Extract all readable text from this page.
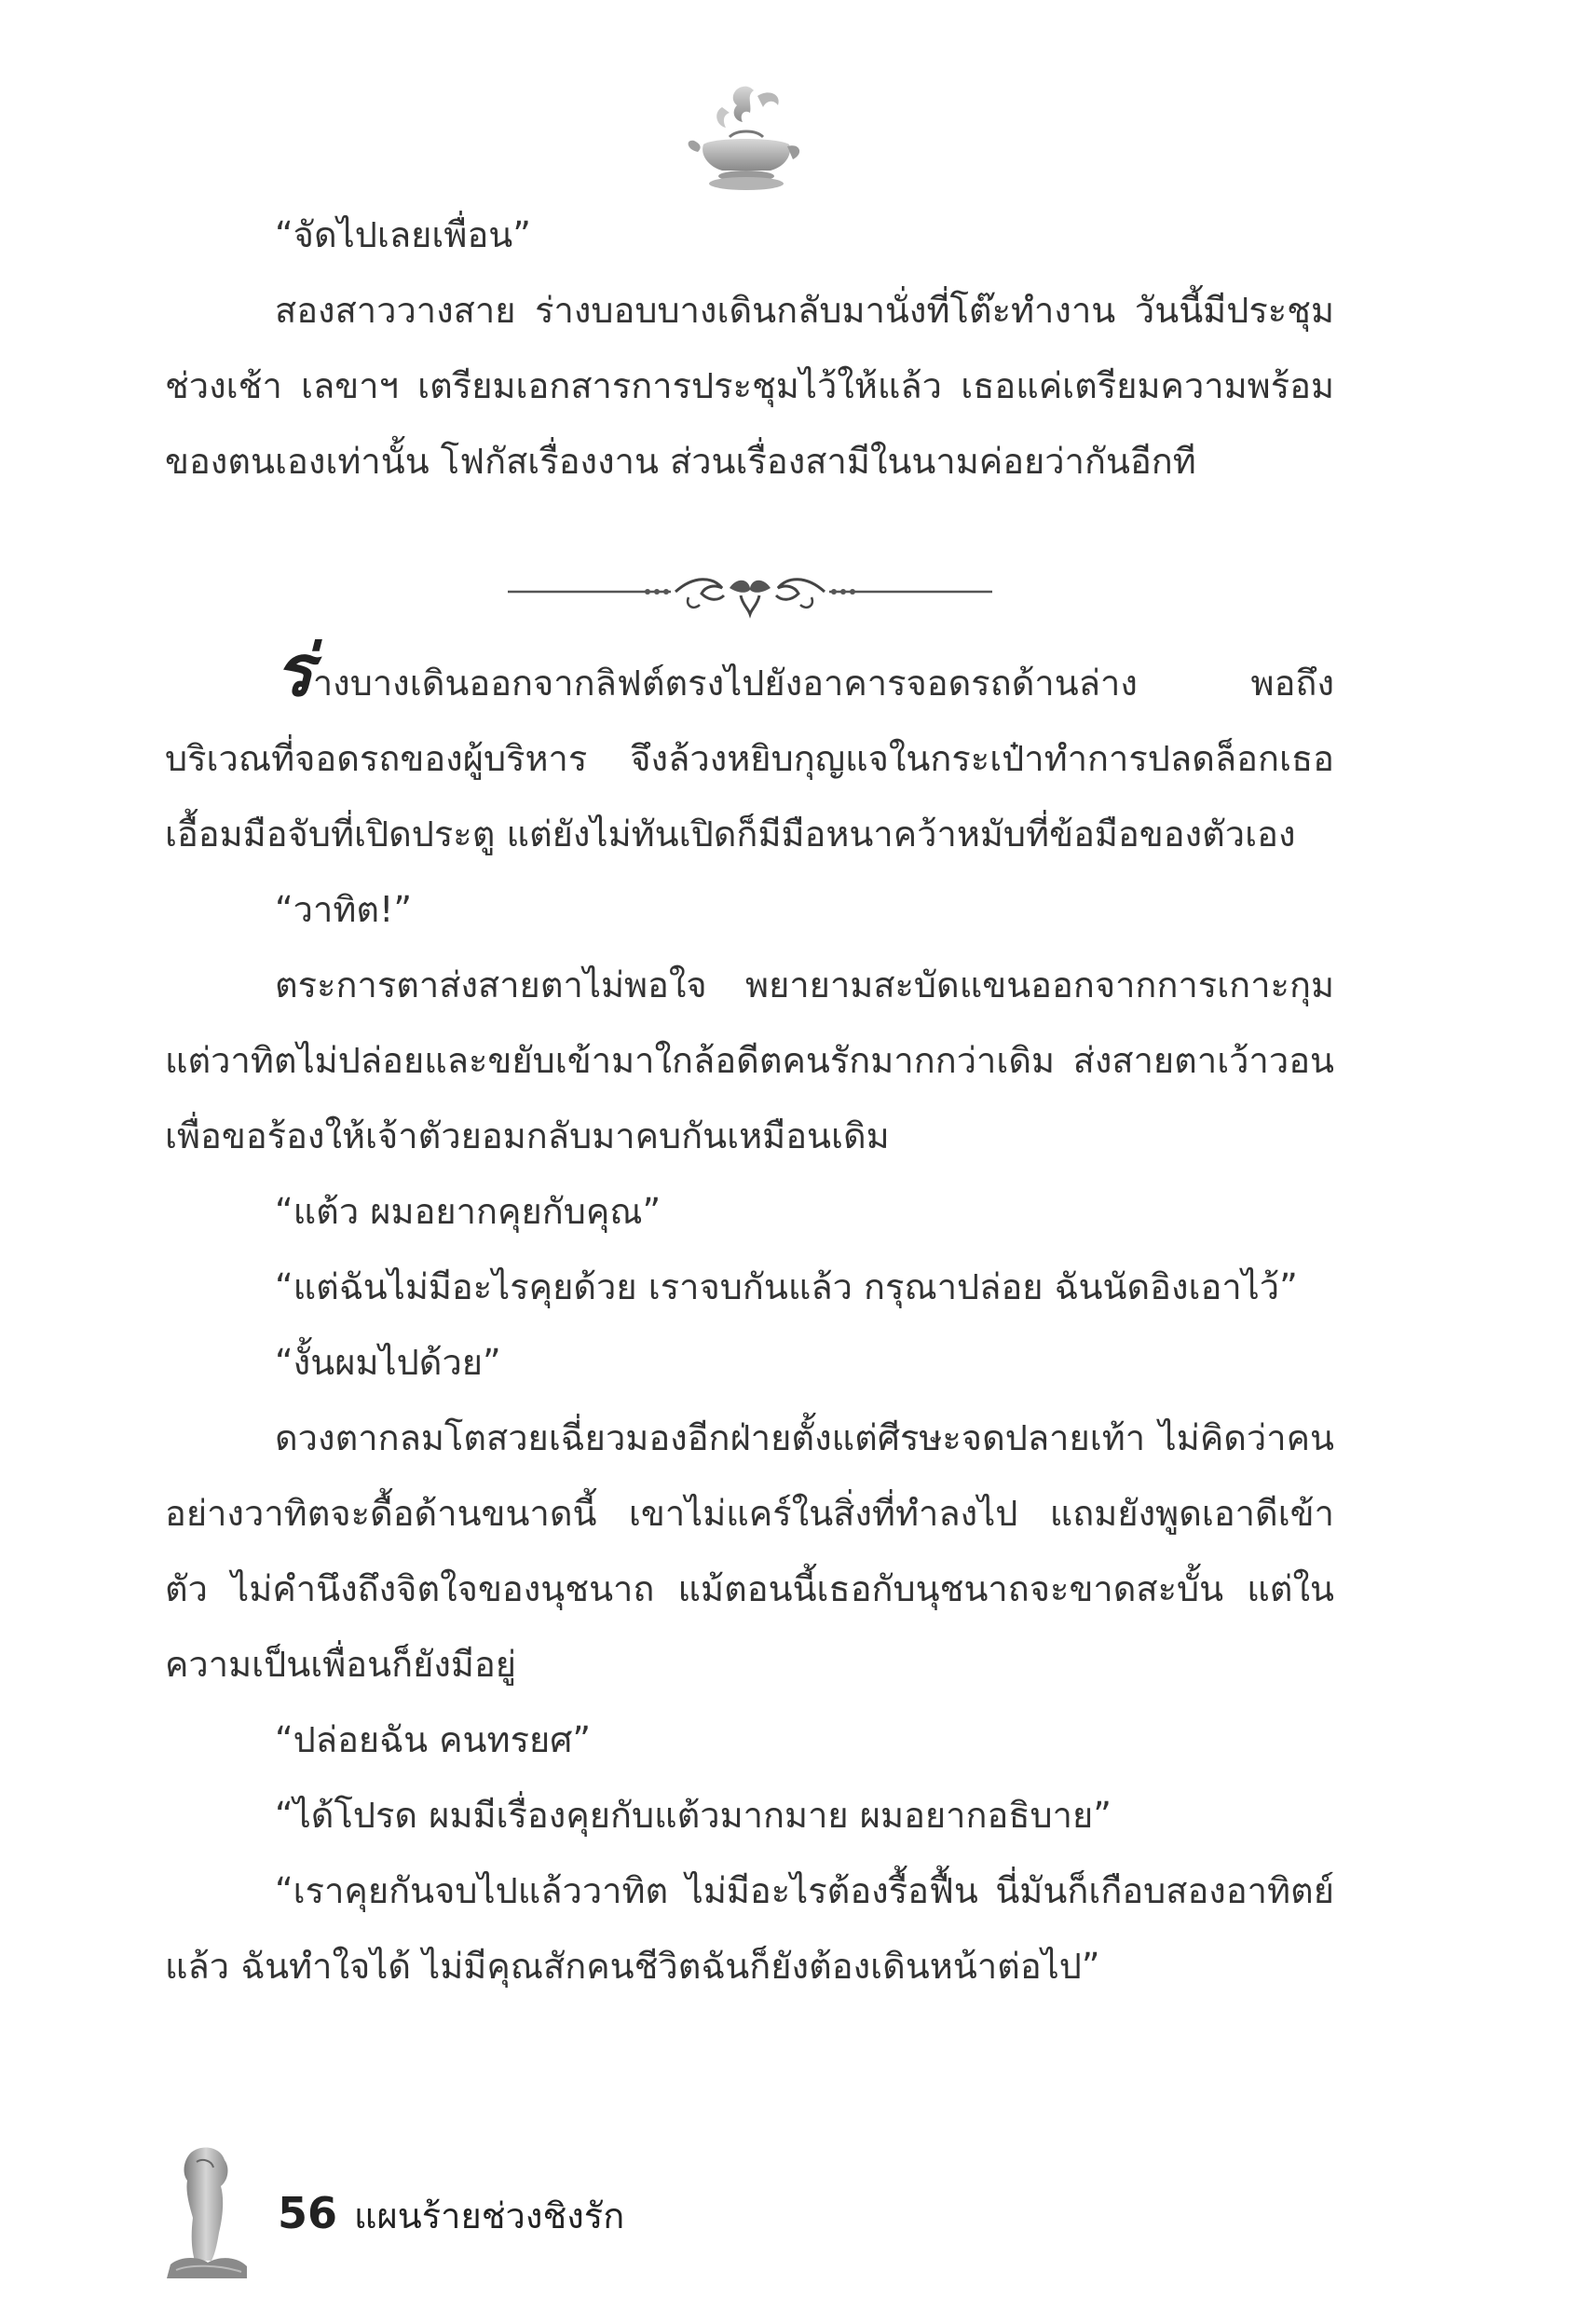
“จัดไปเลยเพื่อน”

สองสาววางสาย ร่างบอบบางเดินกลับมานั่งที่โต๊ะทำงาน วันนี้มีประชุมช่วงเช้า เลขาฯ เตรียมเอกสารการประชุมไว้ให้แล้ว เธอแค่เตรียมความพร้อมของตนเองเท่านั้น โฟกัสเรื่องงาน ส่วนเรื่องสามีในนามค่อยว่ากันอีกที

ร่างบางเดินออกจากลิฟต์ตรงไปยังอาคารจอดรถด้านล่าง พอถึงบริเวณที่จอดรถของผู้บริหาร จึงล้วงหยิบกุญแจในกระเป๋าทำการปลดล็อกเธอเอื้อมมือจับที่เปิดประตู แต่ยังไม่ทันเปิดก็มีมือหนาคว้าหมับที่ข้อมือของตัวเอง

“วาทิต!”

ตระการตาส่งสายตาไม่พอใจ พยายามสะบัดแขนออกจากการเกาะกุม แต่วาทิตไม่ปล่อยและขยับเข้ามาใกล้อดีตคนรักมากกว่าเดิม ส่งสายตาเว้าวอนเพื่อขอร้องให้เจ้าตัวยอมกลับมาคบกันเหมือนเดิม

“แต้ว ผมอยากคุยกับคุณ”

“แต่ฉันไม่มีอะไรคุยด้วย เราจบกันแล้ว กรุณาปล่อย ฉันนัดอิงเอาไว้”

“งั้นผมไปด้วย”

ดวงตากลมโตสวยเฉี่ยวมองอีกฝ่ายตั้งแต่ศีรษะจดปลายเท้า ไม่คิดว่าคนอย่างวาทิตจะดื้อด้านขนาดนี้ เขาไม่แคร์ในสิ่งที่ทำลงไป แถมยังพูดเอาดีเข้าตัว ไม่คำนึงถึงจิตใจของนุชนาถ แม้ตอนนี้เธอกับนุชนาถจะขาดสะบั้น แต่ในความเป็นเพื่อนก็ยังมีอยู่

“ปล่อยฉัน คนทรยศ”

“ได้โปรด ผมมีเรื่องคุยกับแต้วมากมาย ผมอยากอธิบาย”

“เราคุยกันจบไปแล้ววาทิต ไม่มีอะไรต้องรื้อฟื้น นี่มันก็เกือบสองอาทิตย์แล้ว ฉันทำใจได้ ไม่มีคุณสักคนชีวิตฉันก็ยังต้องเดินหน้าต่อไป”

56 แผนร้ายช่วงชิงรัก
